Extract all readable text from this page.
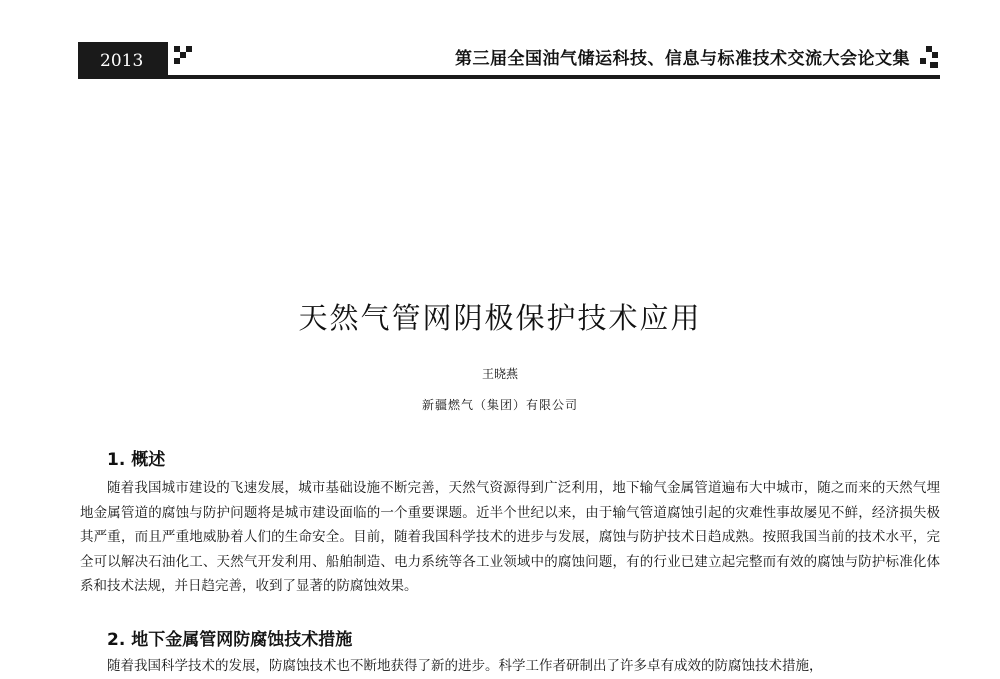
2013	第三届全国油气储运科技、信息与标准技术交流大会论文集
天然气管网阴极保护技术应用
王晓燕
新疆燃气（集团）有限公司
1. 概述

随着我国城市建设的飞速发展，城市基础设施不断完善，天然气资源得到广泛利用，地下输气金属管道遍布大中城市，随之而来的天然气埋地金属管道的腐蚀与防护问题将是城市建设面临的一个重要课题。近半个世纪以来，由于输气管道腐蚀引起的灾难性事故屡见不鲜，经济损失极其严重，而且严重地威胁着人们的生命安全。目前，随着我国科学技术的进步与发展，腐蚀与防护技术日趋成熟。按照我国当前的技术水平，完全可以解决石油化工、天然气开发利用、船舶制造、电力系统等各工业领域中的腐蚀问题，有的行业已建立起完整而有效的腐蚀与防护标准化体系和技术法规，并日趋完善，收到了显著的防腐蚀效果。

2. 地下金属管网防腐蚀技术措施

随着我国科学技术的发展，防腐蚀技术也不断地获得了新的进步。科学工作者研制出了许多卓有成效的防腐蚀技术措施，
